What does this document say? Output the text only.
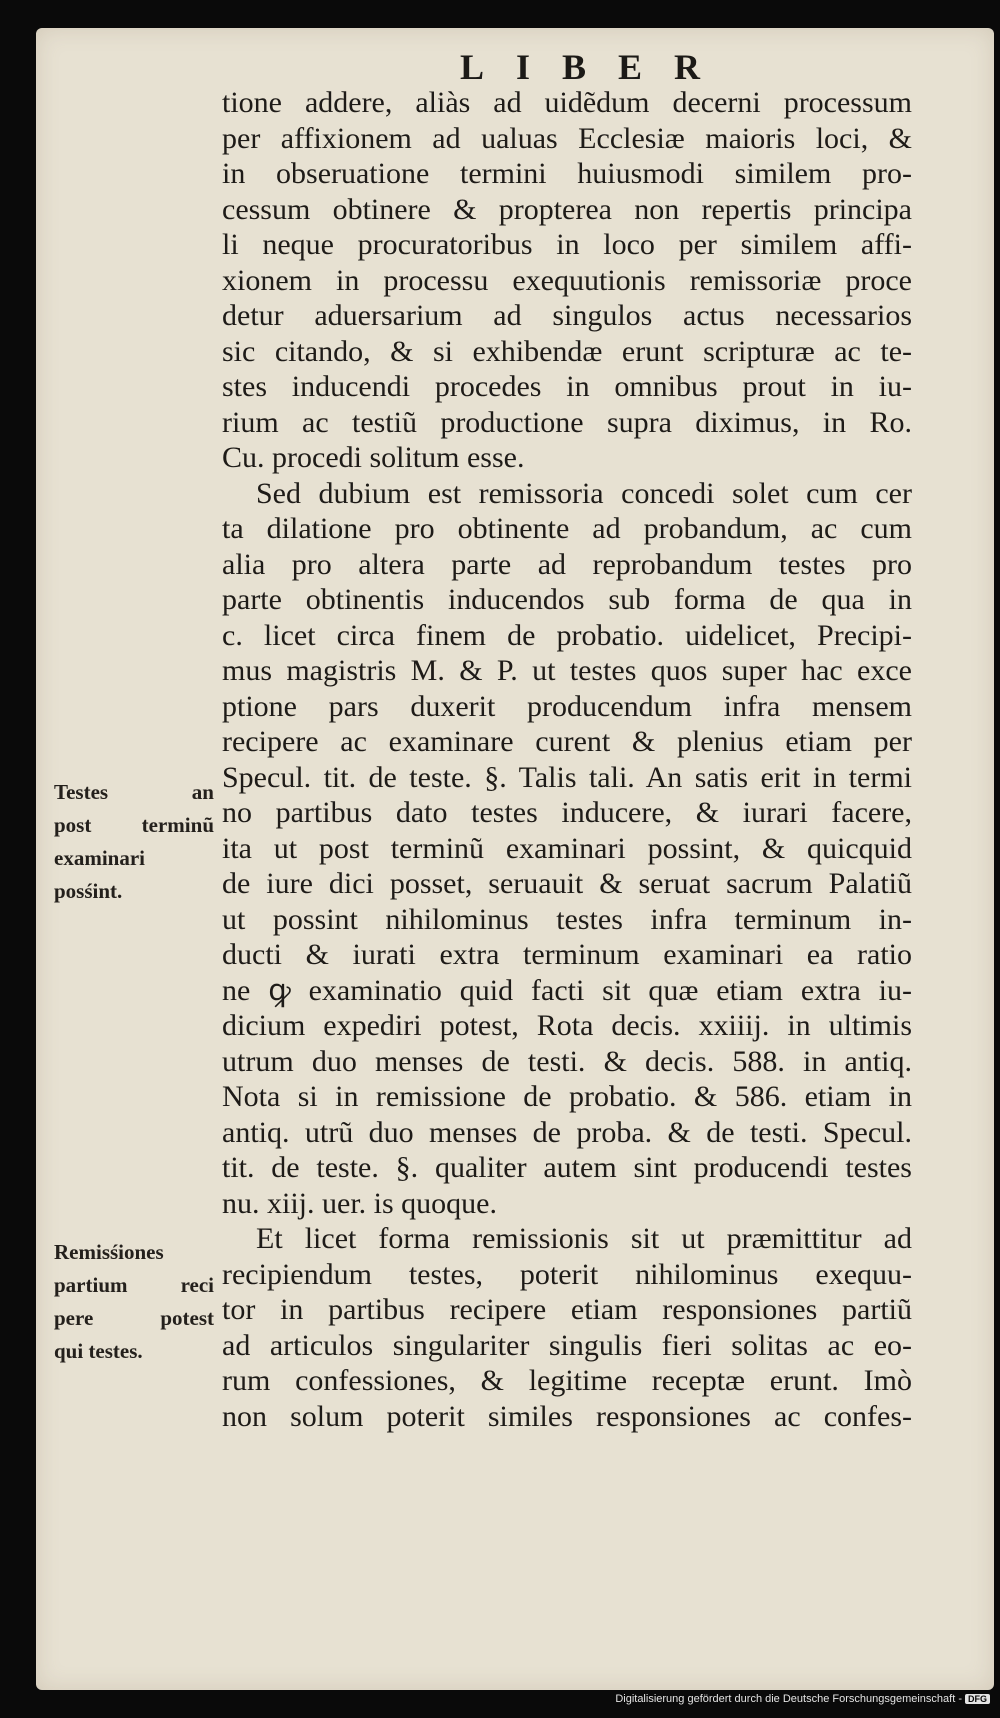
LIBER
tione addere, aliàs ad uidẽdum decerni processum
per affixionem ad ualuas Ecclesiæ maioris loci, &
in obseruatione termini huiusmodi similem pro-
cessum obtinere & propterea non repertis principa
li neque procuratoribus in loco per similem affi-
xionem in processu exequutionis remissoriæ proce
detur aduersarium ad singulos actus necessarios
sic citando, & si exhibendæ erunt scripturæ ac te-
stes inducendi procedes in omnibus prout in iu-
rium ac testiũ productione supra diximus, in Ro.
Cu. procedi solitum esse.
Sed dubium est remissoria concedi solet cum cer
ta dilatione pro obtinente ad probandum, ac cum
alia pro altera parte ad reprobandum testes pro
parte obtinentis inducendos sub forma de qua in
c. licet circa finem de probatio. uidelicet, Precipi-
mus magistris M. & P. ut testes quos super hac exce
ptione pars duxerit producendum infra mensem
recipere ac examinare curent & plenius etiam per
Specul. tit. de teste. §. Talis tali. An satis erit in termi
no partibus dato testes inducere, & iurari facere,
ita ut post terminũ examinari possint, & quicquid
de iure dici posset, seruauit & seruat sacrum Palatiũ
ut possint nihilominus testes infra terminum in-
ducti & iurati extra terminum examinari ea ratio
ne ꝙ examinatio quid facti sit quæ etiam extra iu-
dicium expediri potest, Rota decis. xxiiij. in ultimis
utrum duo menses de testi. & decis. 588. in antiq.
Nota si in remissione de probatio. & 586. etiam in
antiq. utrũ duo menses de proba. & de testi. Specul.
tit. de teste. §. qualiter autem sint producendi testes
nu. xiij. uer. is quoque.
Et licet forma remissionis sit ut præmittitur ad
recipiendum testes, poterit nihilominus exequu-
tor in partibus recipere etiam responsiones partiũ
ad articulos singulariter singulis fieri solitas ac eo-
rum confessiones, & legitime receptæ erunt. Imò
non solum poterit similes responsiones ac confes-
Testes an
post terminũ
examinari
posśint.
Remisśiones
partium reci
pere potest
qui testes.
Digitalisierung gefördert durch die Deutsche Forschungsgemeinschaft - DFG
